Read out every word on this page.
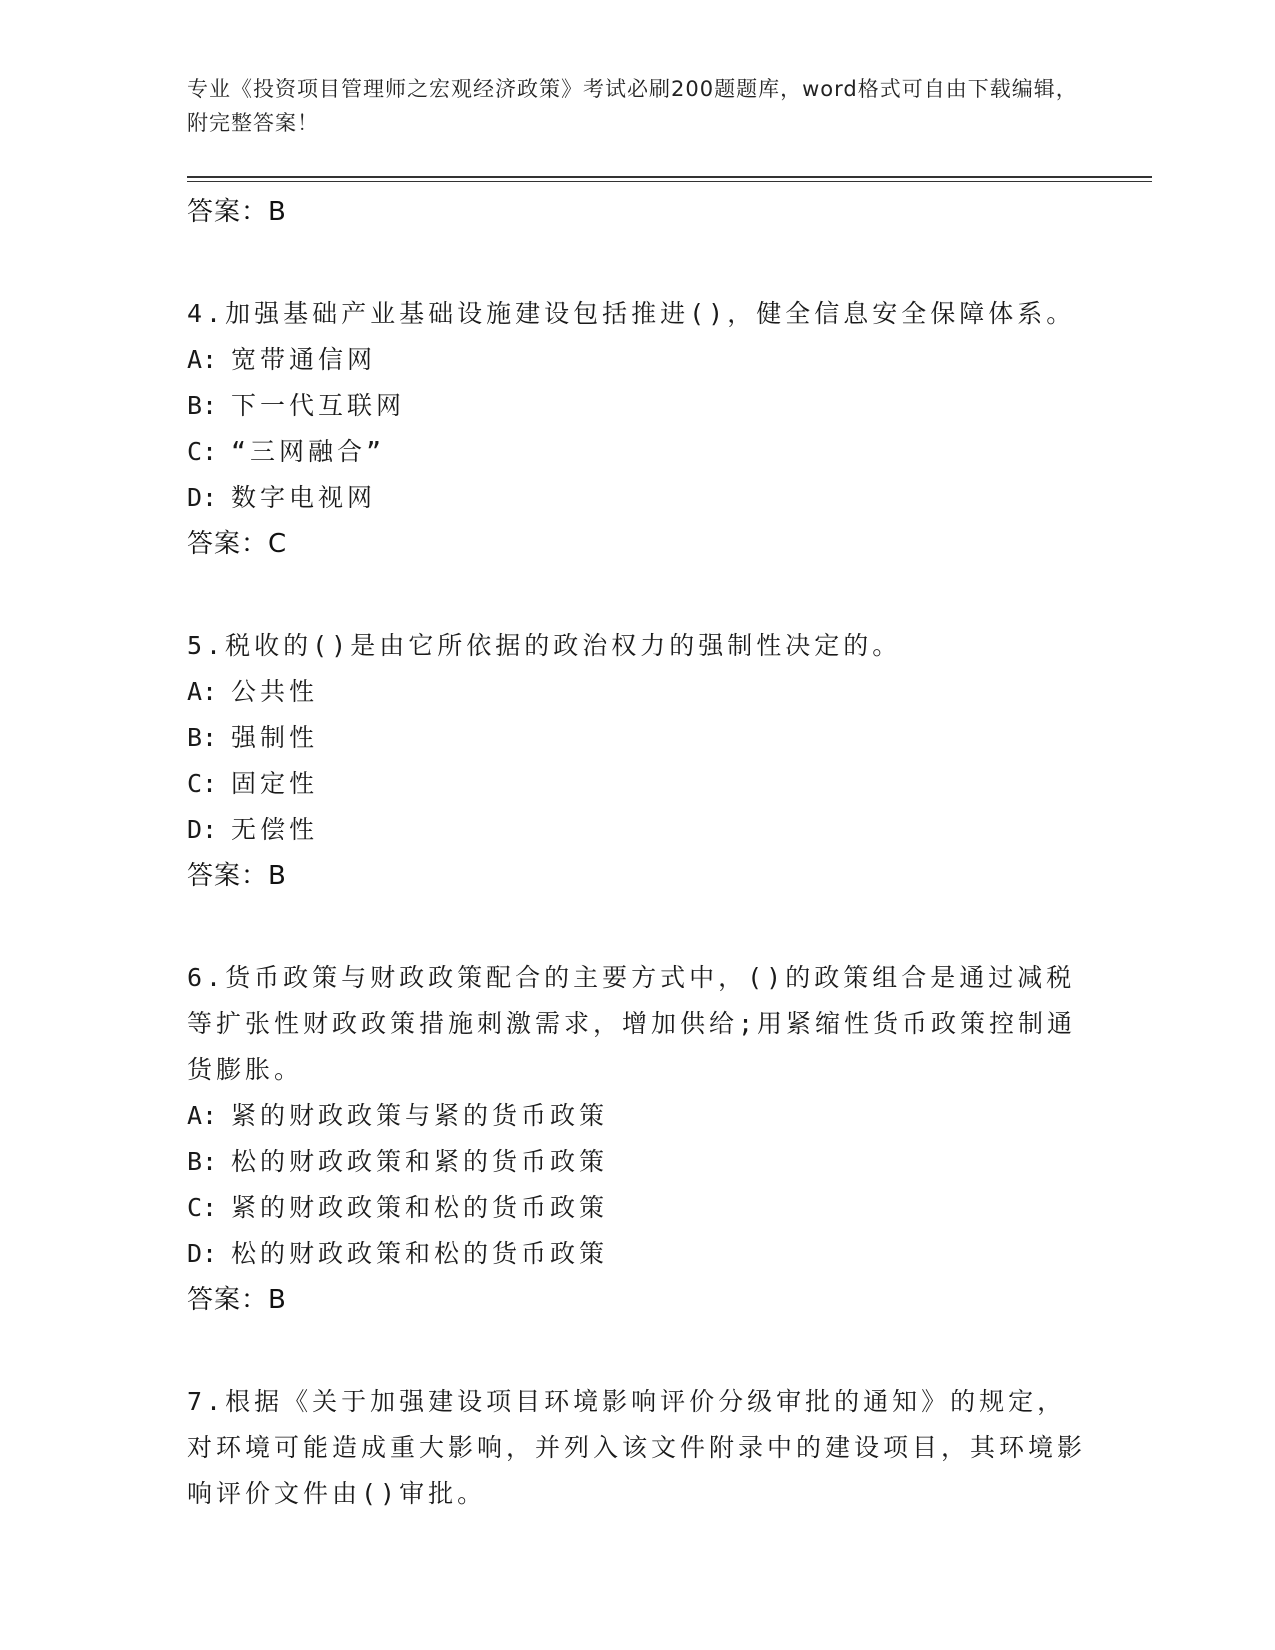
专业《投资项目管理师之宏观经济政策》考试必刷200题题库，word格式可自由下载编辑，附完整答案！
答案：B
4.加强基础产业基础设施建设包括推进()，健全信息安全保障体系。
A: 宽带通信网
B: 下一代互联网
C: “三网融合”
D: 数字电视网
答案：C
5.税收的()是由它所依据的政治权力的强制性决定的。
A: 公共性
B: 强制性
C: 固定性
D: 无偿性
答案：B
6.货币政策与财政政策配合的主要方式中，()的政策组合是通过减税等扩张性财政政策措施刺激需求，增加供给;用紧缩性货币政策控制通货膨胀。
A: 紧的财政政策与紧的货币政策
B: 松的财政政策和紧的货币政策
C: 紧的财政政策和松的货币政策
D: 松的财政政策和松的货币政策
答案：B
7.根据《关于加强建设项目环境影响评价分级审批的通知》的规定，对环境可能造成重大影响，并列入该文件附录中的建设项目，其环境影响评价文件由()审批。
